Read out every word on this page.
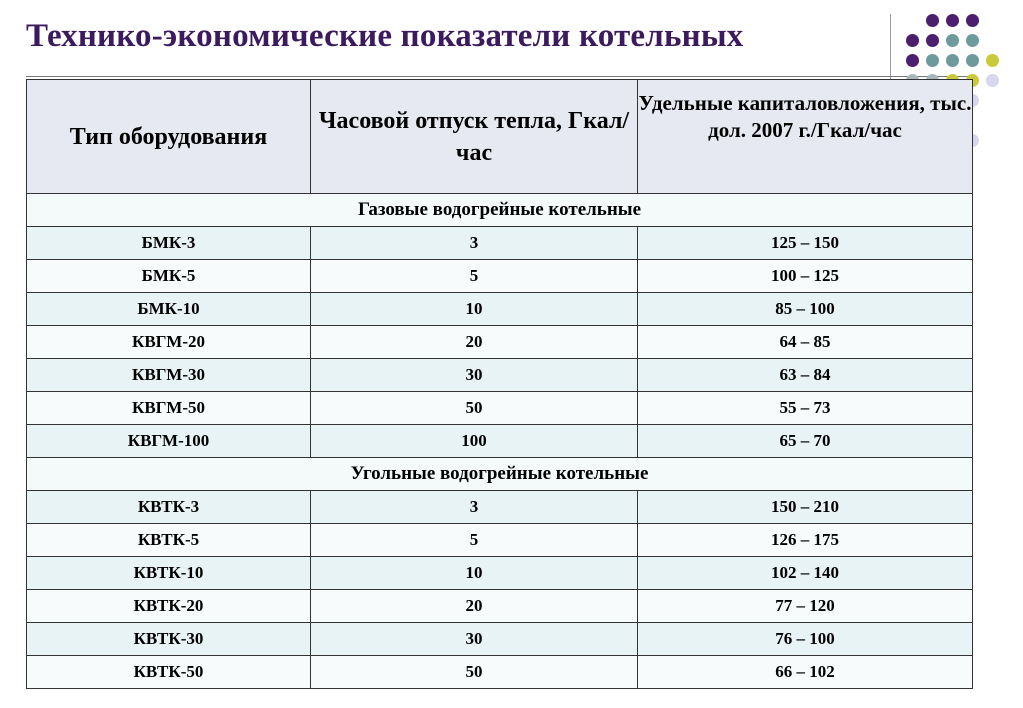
Технико-экономические показатели котельных
Тип оборудования	Часовой отпуск тепла, Гкал/час	Удельные капиталовложения, тыс. дол. 2007 г./Гкал/час
Газовые водогрейные котельные		
БМК-3	3	125 – 150
БМК-5	5	100 – 125
БМК-10	10	85 – 100
КВГМ-20	20	64 – 85
КВГМ-30	30	63 – 84
КВГМ-50	50	55 – 73
КВГМ-100	100	65 – 70
Угольные водогрейные котельные		
КВТК-3	3	150 – 210
КВТК-5	5	126 – 175
КВТК-10	10	102 – 140
КВТК-20	20	77 – 120
КВТК-30	30	76 – 100
КВТК-50	50	66 – 102
